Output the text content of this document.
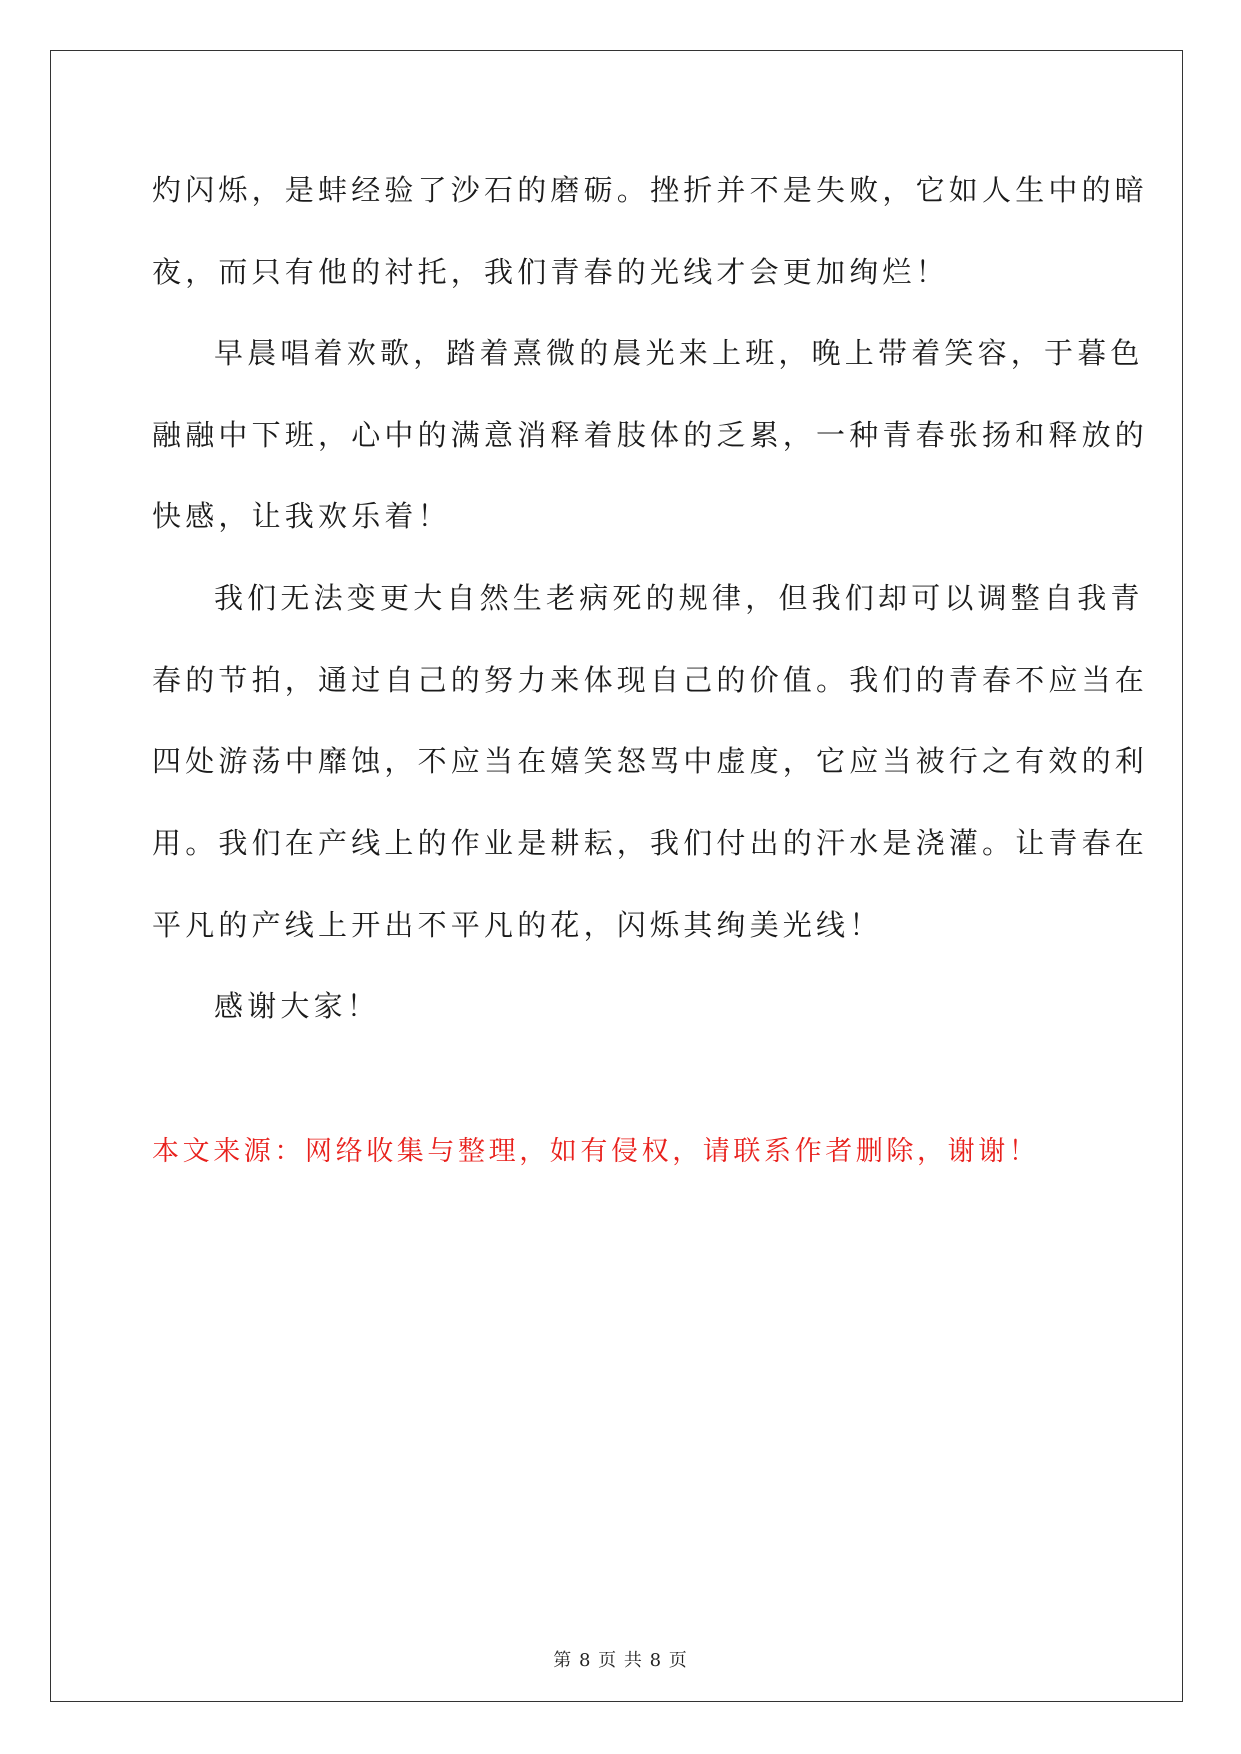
灼闪烁，是蚌经验了沙石的磨砺。挫折并不是失败，它如人生中的暗
夜，而只有他的衬托，我们青春的光线才会更加绚烂！
早晨唱着欢歌，踏着熹微的晨光来上班，晚上带着笑容，于暮色
融融中下班，心中的满意消释着肢体的乏累，一种青春张扬和释放的
快感，让我欢乐着！
我们无法变更大自然生老病死的规律，但我们却可以调整自我青
春的节拍，通过自己的努力来体现自己的价值。我们的青春不应当在
四处游荡中靡蚀，不应当在嬉笑怒骂中虚度，它应当被行之有效的利
用。我们在产线上的作业是耕耘，我们付出的汗水是浇灌。让青春在
平凡的产线上开出不平凡的花，闪烁其绚美光线！
感谢大家！
本文来源：网络收集与整理，如有侵权，请联系作者删除，谢谢！
第 8 页 共 8 页
